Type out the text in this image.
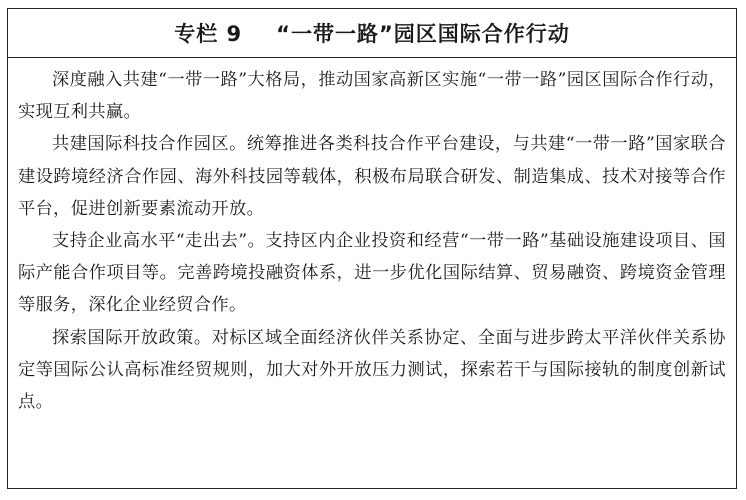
专栏 9 “一带一路”园区国际合作行动

深度融入共建“一带一路”大格局，推动国家高新区实施“一带一路”园区国际合作行动，实现互利共赢。

共建国际科技合作园区。统筹推进各类科技合作平台建设，与共建“一带一路”国家联合建设跨境经济合作园、海外科技园等载体，积极布局联合研发、制造集成、技术对接等合作平台，促进创新要素流动开放。

支持企业高水平“走出去”。支持区内企业投资和经营“一带一路”基础设施建设项目、国际产能合作项目等。完善跨境投融资体系，进一步优化国际结算、贸易融资、跨境资金管理等服务，深化企业经贸合作。

探索国际开放政策。对标区域全面经济伙伴关系协定、全面与进步跨太平洋伙伴关系协定等国际公认高标准经贸规则，加大对外开放压力测试，探索若干与国际接轨的制度创新试点。
